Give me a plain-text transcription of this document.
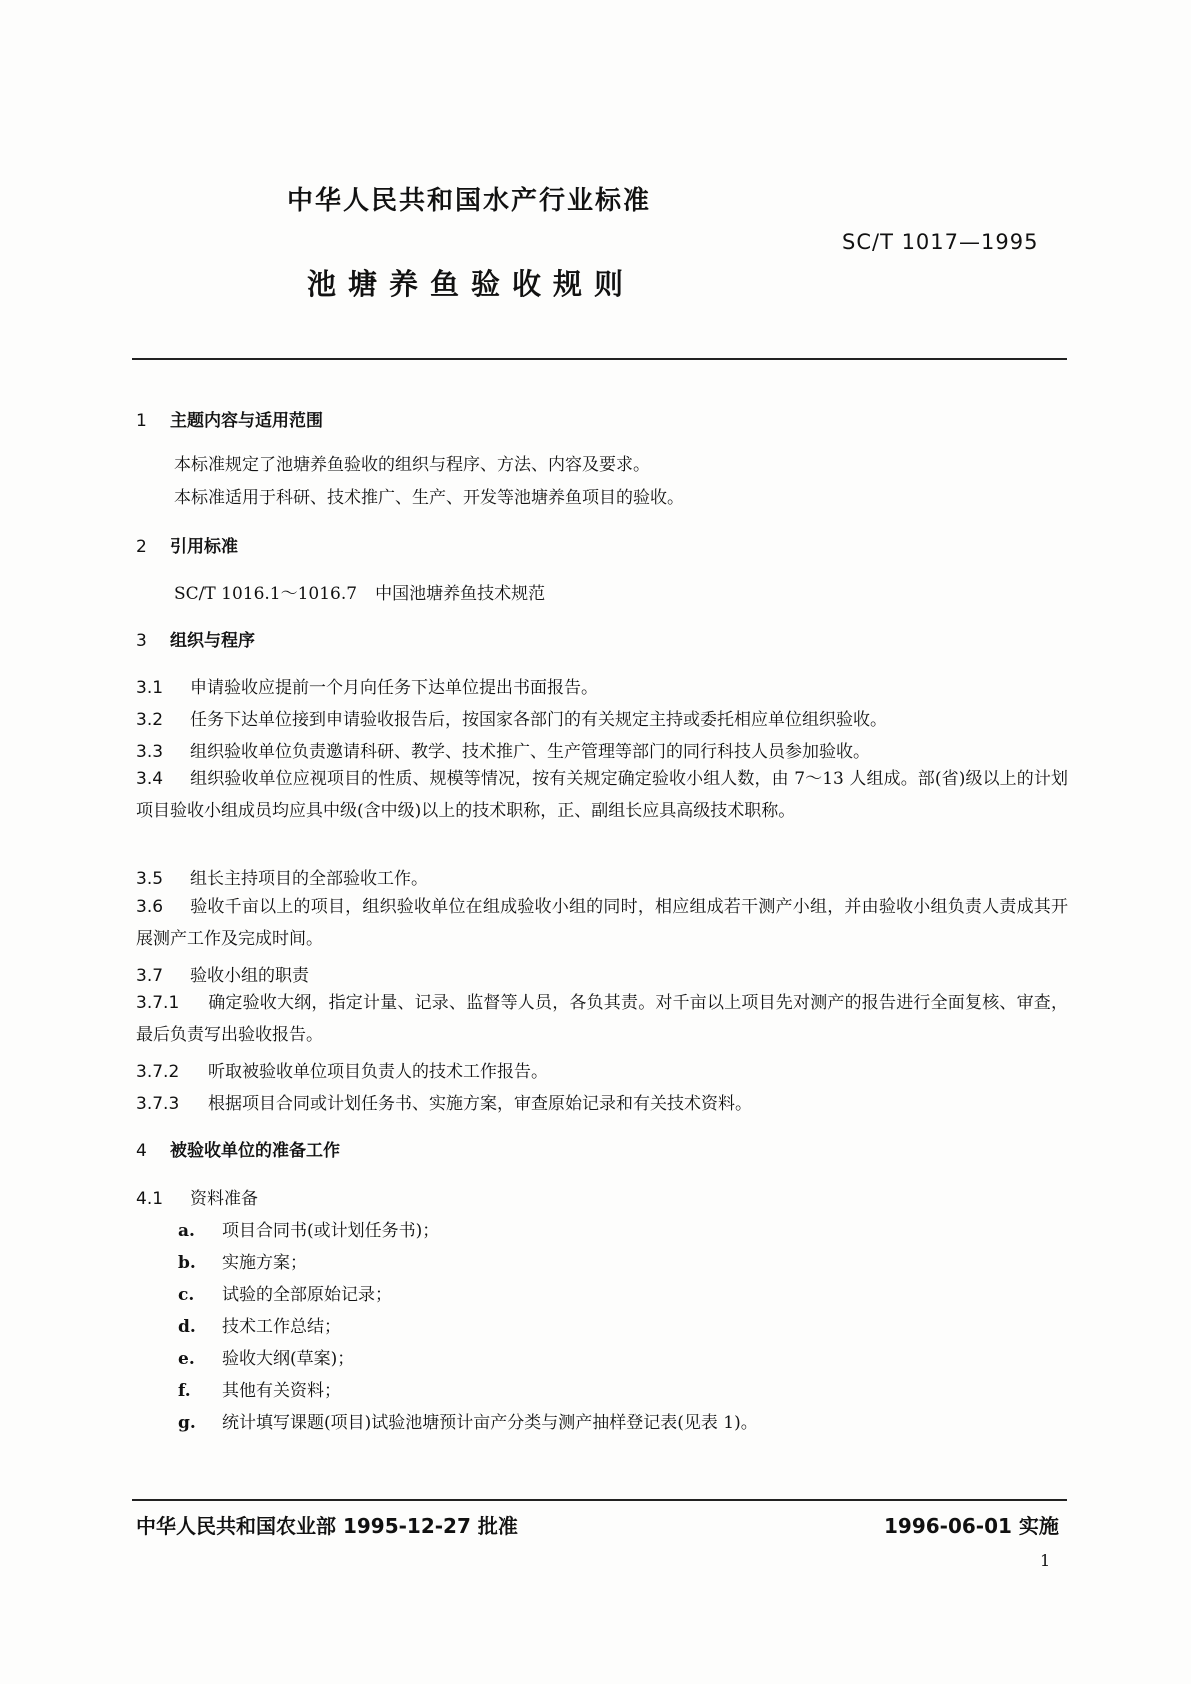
中华人民共和国水产行业标准
SC/T 1017—1995
池塘养鱼验收规则
1 主题内容与适用范围
本标准规定了池塘养鱼验收的组织与程序、方法、内容及要求。
本标准适用于科研、技术推广、生产、开发等池塘养鱼项目的验收。
2 引用标准
SC/T 1016.1～1016.7 中国池塘养鱼技术规范
3 组织与程序
3.1 申请验收应提前一个月向任务下达单位提出书面报告。
3.2 任务下达单位接到申请验收报告后，按国家各部门的有关规定主持或委托相应单位组织验收。
3.3 组织验收单位负责邀请科研、教学、技术推广、生产管理等部门的同行科技人员参加验收。
3.4 组织验收单位应视项目的性质、规模等情况，按有关规定确定验收小组人数，由 7～13 人组成。部(省)级以上的计划项目验收小组成员均应具中级(含中级)以上的技术职称，正、副组长应具高级技术职称。
3.5 组长主持项目的全部验收工作。
3.6 验收千亩以上的项目，组织验收单位在组成验收小组的同时，相应组成若干测产小组，并由验收小组负责人责成其开展测产工作及完成时间。
3.7 验收小组的职责
3.7.1 确定验收大纲，指定计量、记录、监督等人员，各负其责。对千亩以上项目先对测产的报告进行全面复核、审查，最后负责写出验收报告。
3.7.2 听取被验收单位项目负责人的技术工作报告。
3.7.3 根据项目合同或计划任务书、实施方案，审查原始记录和有关技术资料。
4 被验收单位的准备工作
4.1 资料准备
a. 项目合同书(或计划任务书)；
b. 实施方案；
c. 试验的全部原始记录；
d. 技术工作总结；
e. 验收大纲(草案)；
f. 其他有关资料；
g. 统计填写课题(项目)试验池塘预计亩产分类与测产抽样登记表(见表 1)。
中华人民共和国农业部 1995-12-27 批准	1996-06-01 实施
1
